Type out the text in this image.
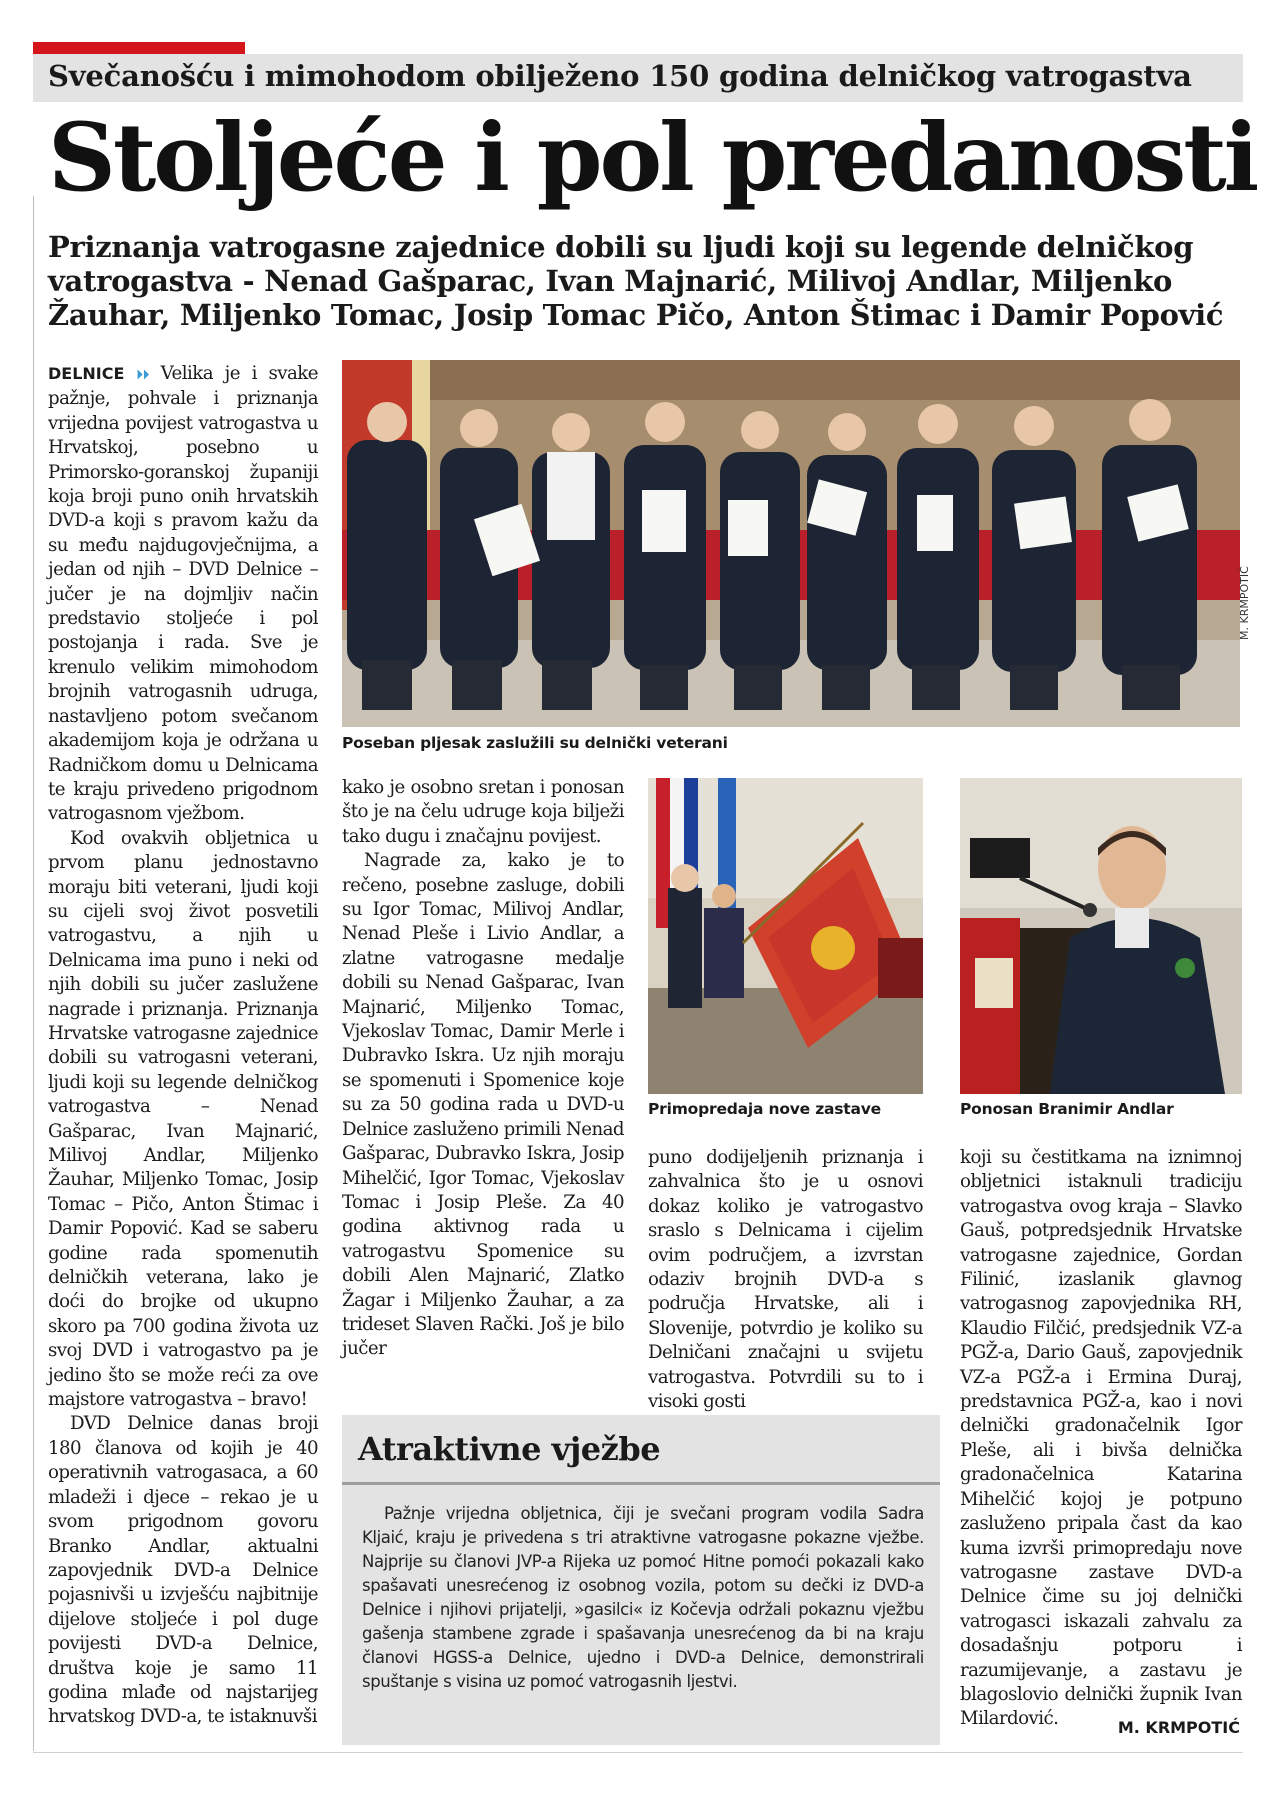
Svečanošću i mimohodom obilježeno 150 godina delničkog vatrogastva
Stoljeće i pol predanosti
Priznanja vatrogasne zajednice dobili su ljudi koji su legende delničkog vatrogastva - Nenad Gašparac, Ivan Majnarić, Milivoj Andlar, Miljenko Žauhar, Miljenko Tomac, Josip Tomac Pičo, Anton Štimac i Damir Popović

DELNICE ⏵⏵ Velika je i svake pažnje, pohvale i priznanja vrijedna povijest vatrogastva u Hrvatskoj, posebno u Primorsko-goranskoj županiji koja broji puno onih hrvatskih DVD-a koji s pravom kažu da su među najdugovječnijma, a jedan od njih – DVD Delnice – jučer je na dojmljiv način predstavio stoljeće i pol postojanja i rada. Sve je krenulo velikim mimohodom brojnih vatrogasnih udruga, nastavljeno potom svečanom akademijom koja je održana u Radničkom domu u Delnicama te kraju privedeno prigodnom vatrogasnom vježbom.

Kod ovakvih obljetnica u prvom planu jednostavno moraju biti veterani, ljudi koji su cijeli svoj život posvetili vatrogastvu, a njih u Delnicama ima puno i neki od njih dobili su jučer zaslužene nagrade i priznanja. Priznanja Hrvatske vatrogasne zajednice dobili su vatrogasni veterani, ljudi koji su legende delničkog vatrogastva – Nenad Gašparac, Ivan Majnarić, Milivoj Andlar, Miljenko Žauhar, Miljenko Tomac, Josip Tomac – Pičo, Anton Štimac i Damir Popović. Kad se saberu godine rada spomenutih delničkih veterana, lako je doći do brojke od ukupno skoro pa 700 godina života uz svoj DVD i vatrogastvo pa je jedino što se može reći za ove majstore vatrogastva – bravo!

DVD Delnice danas broji 180 članova od kojih je 40 operativnih vatrogasaca, a 60 mladeži i djece – rekao je u svom prigodnom govoru Branko Andlar, aktualni zapovjednik DVD-a Delnice pojasnivši u izvješću najbitnije dijelove stoljeće i pol duge povijesti DVD-a Delnice, društva koje je samo 11 godina mlađe od najstarijeg hrvatskog DVD-a, te istaknuvši

M. KRMPOTIĆ
Poseban pljesak zaslužili su delnički veterani

kako je osobno sretan i ponosan što je na čelu udruge koja bilježi tako dugu i značajnu povijest.

Nagrade za, kako je to rečeno, posebne zasluge, dobili su Igor Tomac, Milivoj Andlar, Nenad Pleše i Livio Andlar, a zlatne vatrogasne medalje dobili su Nenad Gašparac, Ivan Majnarić, Miljenko Tomac, Vjekoslav Tomac, Damir Merle i Dubravko Iskra. Uz njih moraju se spomenuti i Spomenice koje su za 50 godina rada u DVD-u Delnice zasluženo primili Nenad Gašparac, Dubravko Iskra, Josip Mihelčić, Igor Tomac, Vjekoslav Tomac i Josip Pleše. Za 40 godina aktivnog rada u vatrogastvu Spomenice su dobili Alen Majnarić, Zlatko Žagar i Miljenko Žauhar, a za trideset Slaven Rački. Još je bilo jučer

Primopredaja nove zastave	Ponosan Branimir Andlar

puno dodijeljenih priznanja i zahvalnica što je u osnovi dokaz koliko je vatrogastvo sraslo s Delnicama i cijelim ovim područjem, a izvrstan odaziv brojnih DVD-a s područja Hrvatske, ali i Slovenije, potvrdio je koliko su Delničani značajni u svijetu vatrogastva. Potvrdili su to i visoki gosti

koji su čestitkama na iznimnoj obljetnici istaknuli tradiciju vatrogastva ovog kraja – Slavko Gauš, potpredsjednik Hrvatske vatrogasne zajednice, Gordan Filinić, izaslanik glavnog vatrogasnog zapovjednika RH, Klaudio Filčić, predsjednik VZ-a PGŽ-a, Dario Gauš, zapovjednik VZ-a PGŽ-a i Ermina Duraj, predstavnica PGŽ-a, kao i novi delnički gradonačelnik Igor Pleše, ali i bivša delnička gradonačelnica Katarina Mihelčić kojoj je potpuno zasluženo pripala čast da kao kuma izvrši primopredaju nove vatrogasne zastave DVD-a Delnice čime su joj delnički vatrogasci iskazali zahvalu za dosadašnju potporu i razumijevanje, a zastavu je blagoslovio delnički župnik Ivan Milardović.

Atraktivne vježbe

Pažnje vrijedna obljetnica, čiji je svečani program vodila Sadra Kljaić, kraju je privedena s tri atraktivne vatrogasne pokazne vježbe. Najprije su članovi JVP-a Rijeka uz pomoć Hitne pomoći pokazali kako spašavati unesrećenog iz osobnog vozila, potom su dečki iz DVD-a Delnice i njihovi prijatelji, »gasilci« iz Kočevja održali pokaznu vježbu gašenja stambene zgrade i spašavanja unesrećenog da bi na kraju članovi HGSS-a Delnice, ujedno i DVD-a Delnice, demonstrirali spuštanje s visina uz pomoć vatrogasnih ljestvi.

M. KRMPOTIĆ
